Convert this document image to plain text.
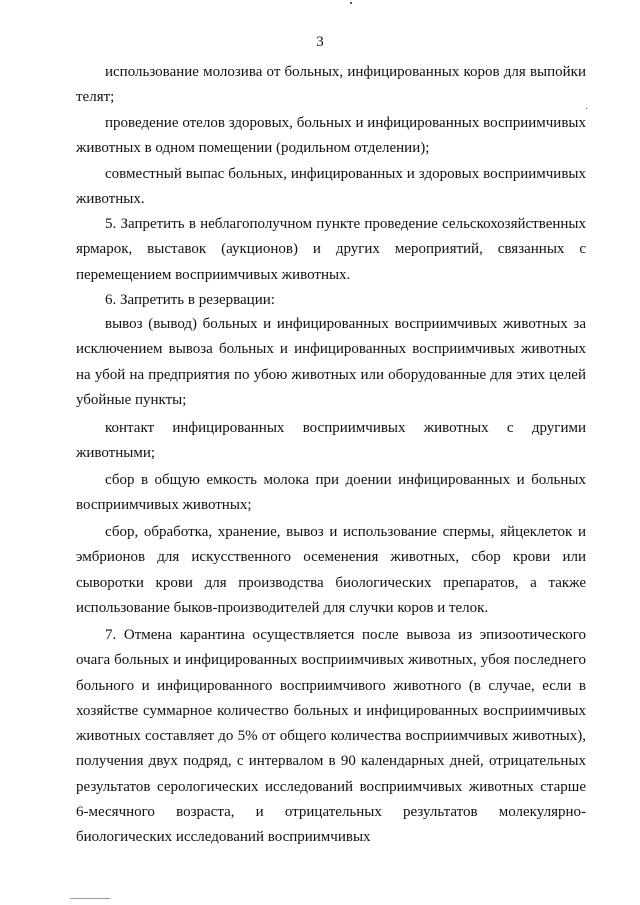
3

использование молозива от больных, инфицированных коров для выпойки телят;

проведение отелов здоровых, больных и инфицированных восприимчивых животных в одном помещении (родильном отделении);

совместный выпас больных, инфицированных и здоровых восприимчивых животных.

5. Запретить в неблагополучном пункте проведение сельскохозяйственных ярмарок, выставок (аукционов) и других мероприятий, связанных с перемещением восприимчивых животных.

6. Запретить в резервации:

вывоз (вывод) больных и инфицированных восприимчивых животных за исключением вывоза больных и инфицированных восприимчивых животных на убой на предприятия по убою животных или оборудованные для этих целей убойные пункты;

контакт инфицированных восприимчивых животных с другими животными;

сбор в общую емкость молока при доении инфицированных и больных восприимчивых животных;

сбор, обработка, хранение, вывоз и использование спермы, яйцеклеток и эмбрионов для искусственного осеменения животных, сбор крови или сыворотки крови для производства биологических препаратов, а также использование быков-производителей для случки коров и телок.

7. Отмена карантина осуществляется после вывоза из эпизоотического очага больных и инфицированных восприимчивых животных, убоя последнего больного и инфицированного восприимчивого животного (в случае, если в хозяйстве суммарное количество больных и инфицированных восприимчивых животных составляет до 5% от общего количества восприимчивых животных), получения двух подряд, с интервалом в 90 календарных дней, отрицательных результатов серологических исследований восприимчивых животных старше 6-месячного возраста, и отрицательных результатов молекулярно-биологических исследований восприимчивых
